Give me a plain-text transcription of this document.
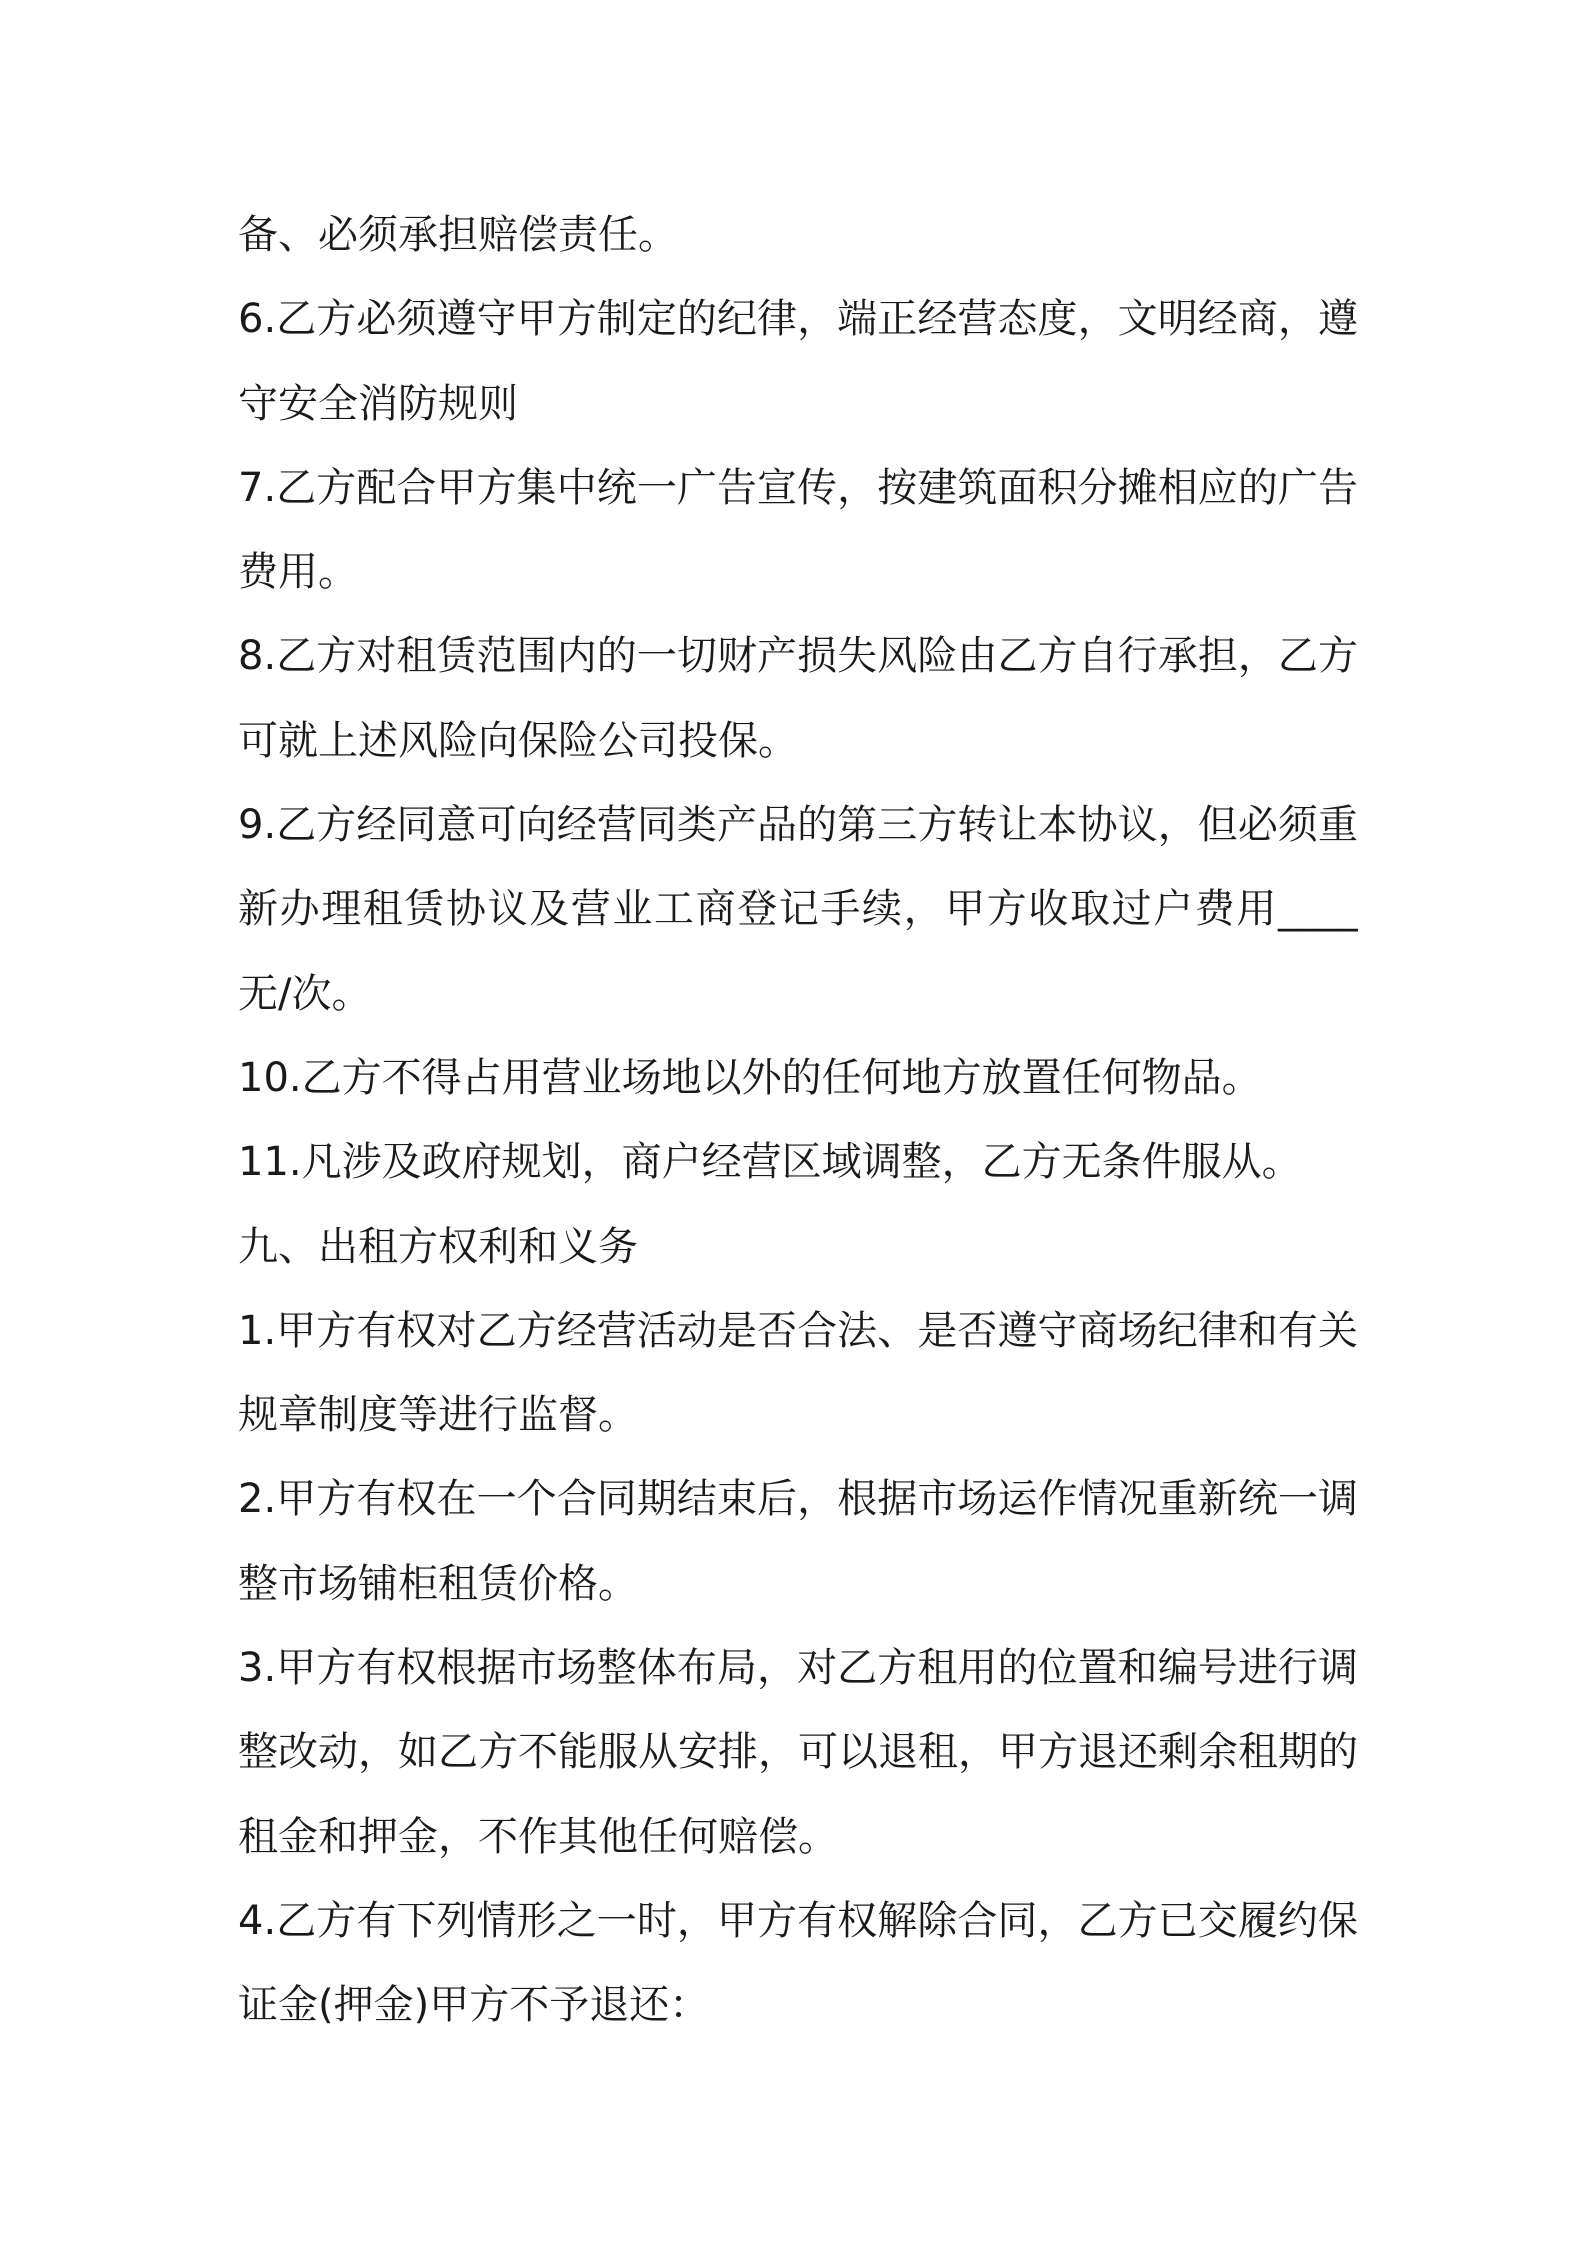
备、必须承担赔偿责任。
6.乙方必须遵守甲方制定的纪律，端正经营态度，文明经商，遵
守安全消防规则
7.乙方配合甲方集中统一广告宣传，按建筑面积分摊相应的广告
费用。
8.乙方对租赁范围内的一切财产损失风险由乙方自行承担，乙方
可就上述风险向保险公司投保。
9.乙方经同意可向经营同类产品的第三方转让本协议，但必须重
新办理租赁协议及营业工商登记手续，甲方收取过户费用____
无/次。
10.乙方不得占用营业场地以外的任何地方放置任何物品。
11.凡涉及政府规划，商户经营区域调整，乙方无条件服从。
九、出租方权利和义务
1.甲方有权对乙方经营活动是否合法、是否遵守商场纪律和有关
规章制度等进行监督。
2.甲方有权在一个合同期结束后，根据市场运作情况重新统一调
整市场铺柜租赁价格。
3.甲方有权根据市场整体布局，对乙方租用的位置和编号进行调
整改动，如乙方不能服从安排，可以退租，甲方退还剩余租期的
租金和押金，不作其他任何赔偿。
4.乙方有下列情形之一时，甲方有权解除合同，乙方已交履约保
证金(押金)甲方不予退还：
